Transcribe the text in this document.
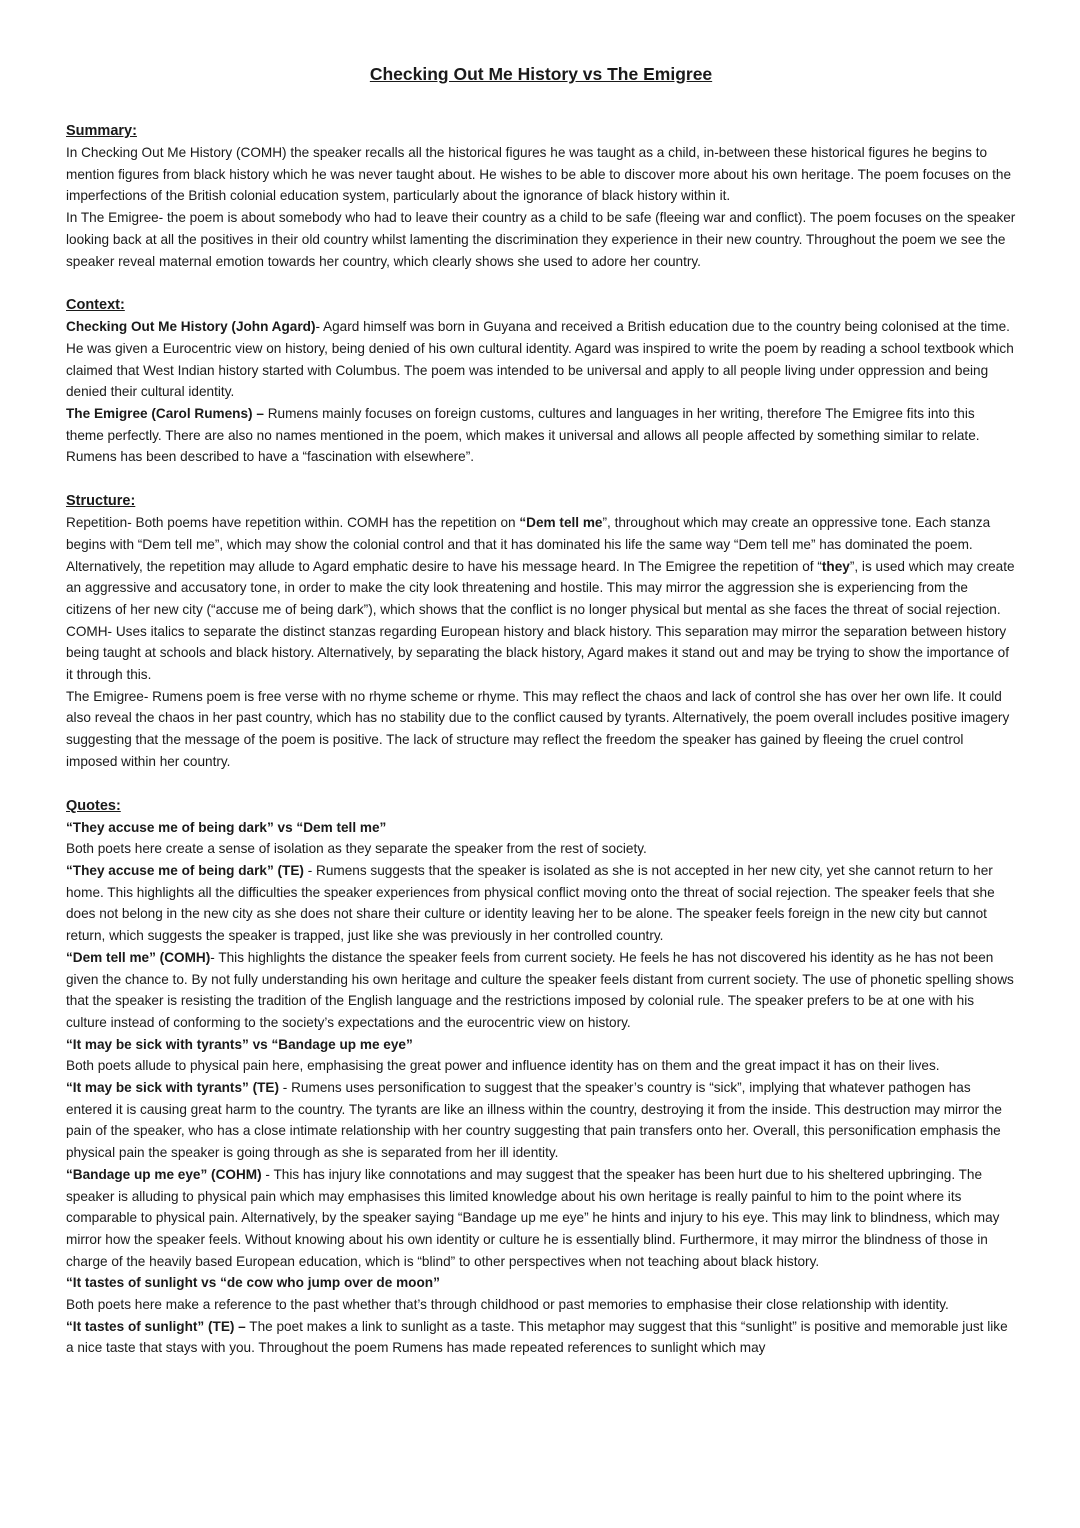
Checking Out Me History vs The Emigree
Summary:

In Checking Out Me History (COMH) the speaker recalls all the historical figures he was taught as a child, in-between these historical figures he begins to mention figures from black history which he was never taught about. He wishes to be able to discover more about his own heritage. The poem focuses on the imperfections of the British colonial education system, particularly about the ignorance of black history within it.

In The Emigree- the poem is about somebody who had to leave their country as a child to be safe (fleeing war and conflict). The poem focuses on the speaker looking back at all the positives in their old country whilst lamenting the discrimination they experience in their new country. Throughout the poem we see the speaker reveal maternal emotion towards her country, which clearly shows she used to adore her country.

Context:

Checking Out Me History (John Agard)- Agard himself was born in Guyana and received a British education due to the country being colonised at the time. He was given a Eurocentric view on history, being denied of his own cultural identity. Agard was inspired to write the poem by reading a school textbook which claimed that West Indian history started with Columbus. The poem was intended to be universal and apply to all people living under oppression and being denied their cultural identity.

The Emigree (Carol Rumens) – Rumens mainly focuses on foreign customs, cultures and languages in her writing, therefore The Emigree fits into this theme perfectly. There are also no names mentioned in the poem, which makes it universal and allows all people affected by something similar to relate. Rumens has been described to have a “fascination with elsewhere”.

Structure:

Repetition- Both poems have repetition within. COMH has the repetition on “Dem tell me”, throughout which may create an oppressive tone. Each stanza begins with “Dem tell me”, which may show the colonial control and that it has dominated his life the same way “Dem tell me” has dominated the poem. Alternatively, the repetition may allude to Agard emphatic desire to have his message heard. In The Emigree the repetition of “they”, is used which may create an aggressive and accusatory tone, in order to make the city look threatening and hostile. This may mirror the aggression she is experiencing from the citizens of her new city (“accuse me of being dark”), which shows that the conflict is no longer physical but mental as she faces the threat of social rejection.

COMH- Uses italics to separate the distinct stanzas regarding European history and black history. This separation may mirror the separation between history being taught at schools and black history. Alternatively, by separating the black history, Agard makes it stand out and may be trying to show the importance of it through this.

The Emigree- Rumens poem is free verse with no rhyme scheme or rhyme. This may reflect the chaos and lack of control she has over her own life. It could also reveal the chaos in her past country, which has no stability due to the conflict caused by tyrants. Alternatively, the poem overall includes positive imagery suggesting that the message of the poem is positive. The lack of structure may reflect the freedom the speaker has gained by fleeing the cruel control imposed within her country.

Quotes:

“They accuse me of being dark” vs “Dem tell me”

Both poets here create a sense of isolation as they separate the speaker from the rest of society.

“They accuse me of being dark” (TE) - Rumens suggests that the speaker is isolated as she is not accepted in her new city, yet she cannot return to her home. This highlights all the difficulties the speaker experiences from physical conflict moving onto the threat of social rejection. The speaker feels that she does not belong in the new city as she does not share their culture or identity leaving her to be alone. The speaker feels foreign in the new city but cannot return, which suggests the speaker is trapped, just like she was previously in her controlled country.

“Dem tell me” (COMH)- This highlights the distance the speaker feels from current society. He feels he has not discovered his identity as he has not been given the chance to. By not fully understanding his own heritage and culture the speaker feels distant from current society. The use of phonetic spelling shows that the speaker is resisting the tradition of the English language and the restrictions imposed by colonial rule. The speaker prefers to be at one with his culture instead of conforming to the society’s expectations and the eurocentric view on history.

“It may be sick with tyrants” vs “Bandage up me eye”

Both poets allude to physical pain here, emphasising the great power and influence identity has on them and the great impact it has on their lives.

“It may be sick with tyrants” (TE) - Rumens uses personification to suggest that the speaker’s country is “sick”, implying that whatever pathogen has entered it is causing great harm to the country. The tyrants are like an illness within the country, destroying it from the inside. This destruction may mirror the pain of the speaker, who has a close intimate relationship with her country suggesting that pain transfers onto her. Overall, this personification emphasis the physical pain the speaker is going through as she is separated from her ill identity.

“Bandage up me eye” (COHM) - This has injury like connotations and may suggest that the speaker has been hurt due to his sheltered upbringing. The speaker is alluding to physical pain which may emphasises this limited knowledge about his own heritage is really painful to him to the point where its comparable to physical pain. Alternatively, by the speaker saying “Bandage up me eye” he hints and injury to his eye. This may link to blindness, which may mirror how the speaker feels. Without knowing about his own identity or culture he is essentially blind. Furthermore, it may mirror the blindness of those in charge of the heavily based European education, which is “blind” to other perspectives when not teaching about black history.

“It tastes of sunlight vs “de cow who jump over de moon”

Both poets here make a reference to the past whether that’s through childhood or past memories to emphasise their close relationship with identity.

“It tastes of sunlight” (TE) – The poet makes a link to sunlight as a taste. This metaphor may suggest that this “sunlight” is positive and memorable just like a nice taste that stays with you. Throughout the poem Rumens has made repeated references to sunlight which may
